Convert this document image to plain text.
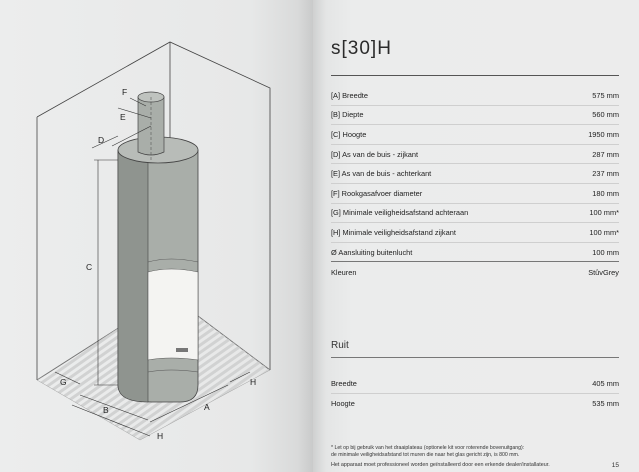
C
D
E
F
G
B	A
H
H
s[30]H
[A] Breedte	575 mm
[B] Diepte	560 mm
[C] Hoogte	1950 mm
[D] As van de buis - zijkant	287 mm
[E] As van de buis - achterkant	237 mm
[F] Rookgasafvoer diameter	180 mm
[G] Minimale veiligheidsafstand achteraan	100 mm*
[H] Minimale veiligheidsafstand zijkant	100 mm*
Ø Aansluiting buitenlucht	100 mm
Kleuren	StûvGrey
Ruit
Breedte	405 mm
Hoogte	535 mm
* Let op bij gebruik van het draaiplateau (optionele kit voor roterende bovenuitgang):
de minimale veiligheidsafstand tot muren die naar het glas gericht zijn, is 800 mm.
Het apparaat moet professioneel worden geïnstalleerd door een erkende dealer/installateur.	15
